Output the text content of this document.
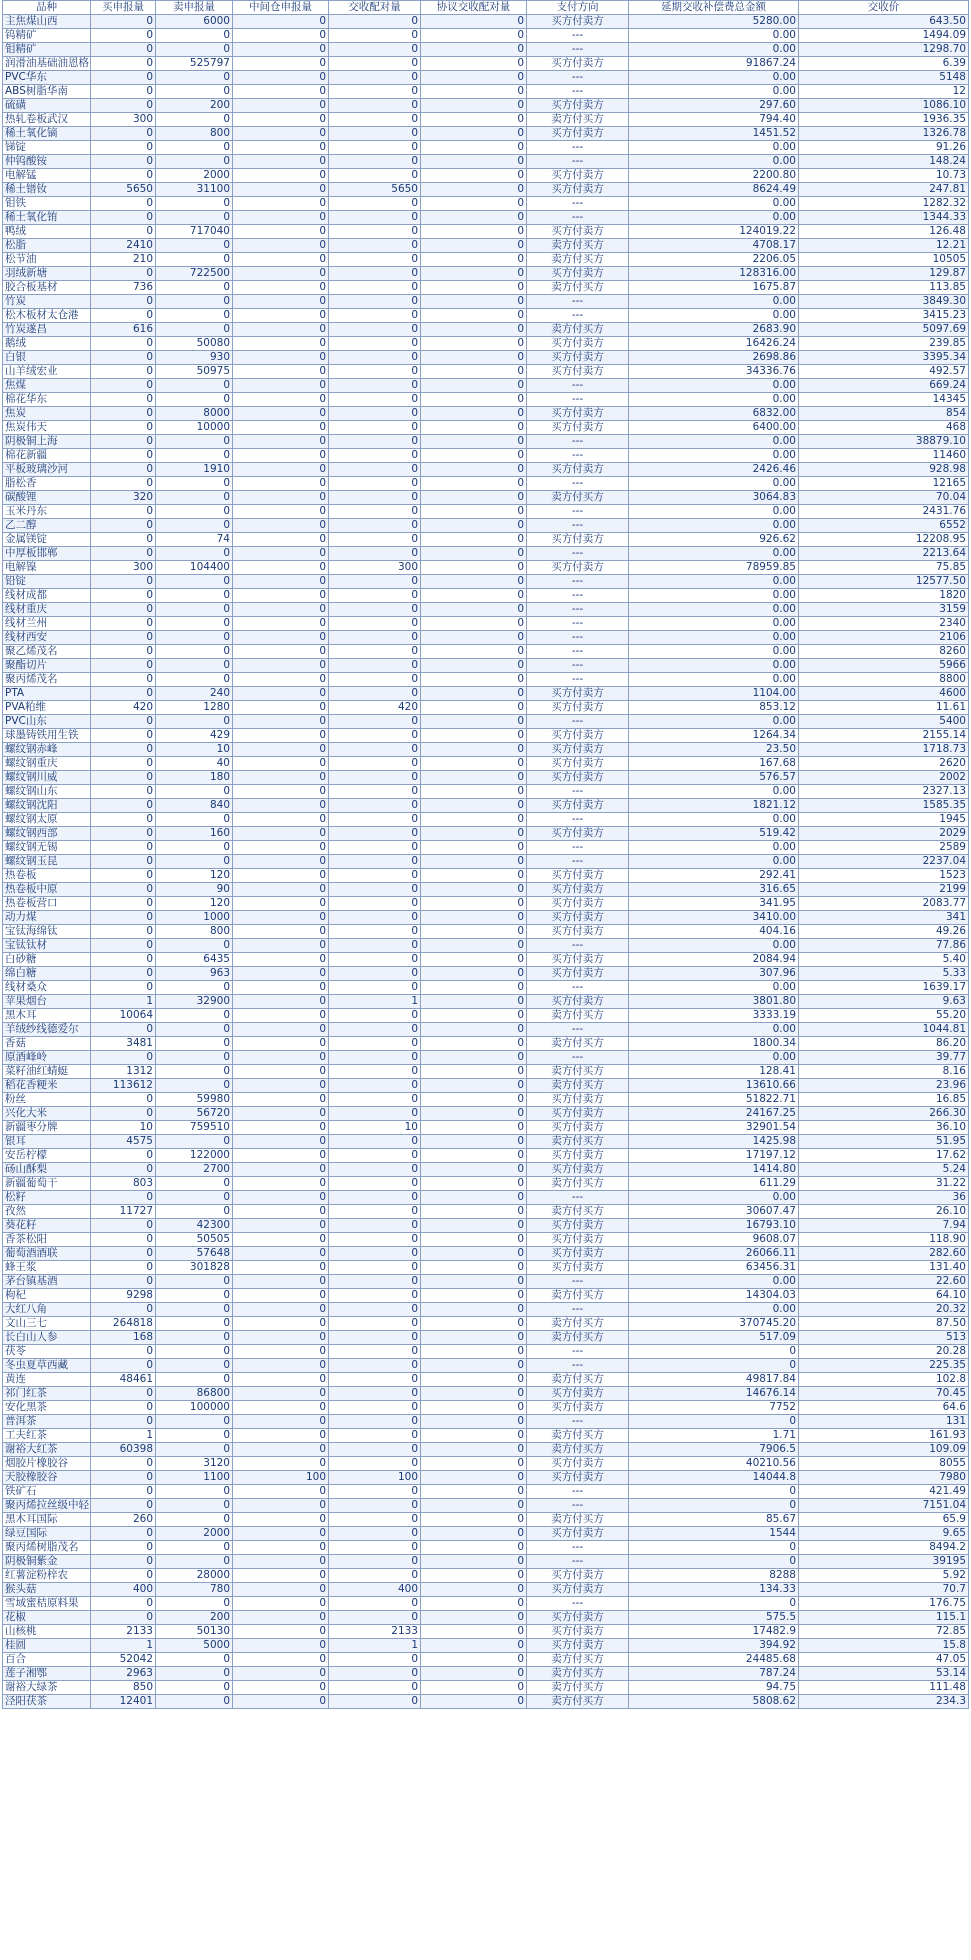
品种	买申报量	卖申报量	中间仓申报量	交收配对量	协议交收配对量	支付方向	延期交收补偿费总金额	交收价
主焦煤山西	0	6000	0	0	0	买方付卖方	5280.00	643.50
钨精矿	0	0	0	0	0	---	0.00	1494.09
钼精矿	0	0	0	0	0	---	0.00	1298.70
润滑油基础油恩格	0	525797	0	0	0	买方付卖方	91867.24	6.39
PVC华东	0	0	0	0	0	---	0.00	5148
ABS树脂华南	0	0	0	0	0	---	0.00	12
硫磺	0	200	0	0	0	买方付卖方	297.60	1086.10
热轧卷板武汉	300	0	0	0	0	卖方付买方	794.40	1936.35
稀土氧化镝	0	800	0	0	0	买方付卖方	1451.52	1326.78
锑锭	0	0	0	0	0	---	0.00	91.26
仲钨酸铵	0	0	0	0	0	---	0.00	148.24
电解锰	0	2000	0	0	0	买方付卖方	2200.80	10.73
稀土镨钕	5650	31100	0	5650	0	买方付卖方	8624.49	247.81
钼铁	0	0	0	0	0	---	0.00	1282.32
稀土氧化铕	0	0	0	0	0	---	0.00	1344.33
鸭绒	0	717040	0	0	0	买方付卖方	124019.22	126.48
松脂	2410	0	0	0	0	卖方付买方	4708.17	12.21
松节油	210	0	0	0	0	卖方付买方	2206.05	10505
羽绒新塘	0	722500	0	0	0	买方付卖方	128316.00	129.87
胶合板基材	736	0	0	0	0	卖方付买方	1675.87	113.85
竹炭	0	0	0	0	0	---	0.00	3849.30
松木板材太仓港	0	0	0	0	0	---	0.00	3415.23
竹炭遂昌	616	0	0	0	0	卖方付买方	2683.90	5097.69
鹅绒	0	50080	0	0	0	买方付卖方	16426.24	239.85
白银	0	930	0	0	0	买方付卖方	2698.86	3395.34
山羊绒宏业	0	50975	0	0	0	买方付卖方	34336.76	492.57
焦煤	0	0	0	0	0	---	0.00	669.24
棉花华东	0	0	0	0	0	---	0.00	14345
焦炭	0	8000	0	0	0	买方付卖方	6832.00	854
焦炭伟天	0	10000	0	0	0	买方付卖方	6400.00	468
阴极铜上海	0	0	0	0	0	---	0.00	38879.10
棉花新疆	0	0	0	0	0	---	0.00	11460
平板玻璃沙河	0	1910	0	0	0	买方付卖方	2426.46	928.98
脂松香	0	0	0	0	0	---	0.00	12165
碳酸锂	320	0	0	0	0	卖方付买方	3064.83	70.04
玉米丹东	0	0	0	0	0	---	0.00	2431.76
乙二醇	0	0	0	0	0	---	0.00	6552
金属镁锭	0	74	0	0	0	买方付卖方	926.62	12208.95
中厚板邯郸	0	0	0	0	0	---	0.00	2213.64
电解镍	300	104400	0	300	0	买方付卖方	78959.85	75.85
铅锭	0	0	0	0	0	---	0.00	12577.50
线材成都	0	0	0	0	0	---	0.00	1820
线材重庆	0	0	0	0	0	---	0.00	3159
线材兰州	0	0	0	0	0	---	0.00	2340
线材西安	0	0	0	0	0	---	0.00	2106
聚乙烯茂名	0	0	0	0	0	---	0.00	8260
聚酯切片	0	0	0	0	0	---	0.00	5966
聚丙烯茂名	0	0	0	0	0	---	0.00	8800
PTA	0	240	0	0	0	买方付卖方	1104.00	4600
PVA粕维	420	1280	0	420	0	买方付卖方	853.12	11.61
PVC山东	0	0	0	0	0	---	0.00	5400
球墨铸铁用生铁	0	429	0	0	0	买方付卖方	1264.34	2155.14
螺纹钢赤峰	0	10	0	0	0	买方付卖方	23.50	1718.73
螺纹钢重庆	0	40	0	0	0	买方付卖方	167.68	2620
螺纹钢川威	0	180	0	0	0	买方付卖方	576.57	2002
螺纹钢山东	0	0	0	0	0	---	0.00	2327.13
螺纹钢沈阳	0	840	0	0	0	买方付卖方	1821.12	1585.35
螺纹钢太原	0	0	0	0	0	---	0.00	1945
螺纹钢西部	0	160	0	0	0	买方付卖方	519.42	2029
螺纹钢无锡	0	0	0	0	0	---	0.00	2589
螺纹钢玉昆	0	0	0	0	0	---	0.00	2237.04
热卷板	0	120	0	0	0	买方付卖方	292.41	1523
热卷板中原	0	90	0	0	0	买方付卖方	316.65	2199
热卷板营口	0	120	0	0	0	买方付卖方	341.95	2083.77
动力煤	0	1000	0	0	0	买方付卖方	3410.00	341
宝钛海绵钛	0	800	0	0	0	买方付卖方	404.16	49.26
宝钛钛材	0	0	0	0	0	---	0.00	77.86
白砂糖	0	6435	0	0	0	买方付卖方	2084.94	5.40
绵白糖	0	963	0	0	0	买方付卖方	307.96	5.33
线材桑众	0	0	0	0	0	---	0.00	1639.17
苹果烟台	1	32900	0	1	0	买方付卖方	3801.80	9.63
黑木耳	10064	0	0	0	0	卖方付买方	3333.19	55.20
羊绒纱线德爱尔	0	0	0	0	0	---	0.00	1044.81
香菇	3481	0	0	0	0	卖方付买方	1800.34	86.20
原酒峰岭	0	0	0	0	0	---	0.00	39.77
菜籽油红蜻蜓	1312	0	0	0	0	卖方付买方	128.41	8.16
稻花香粳米	113612	0	0	0	0	卖方付买方	13610.66	23.96
粉丝	0	59980	0	0	0	买方付卖方	51822.71	16.85
兴化大米	0	56720	0	0	0	买方付卖方	24167.25	266.30
新疆枣分牌	10	759510	0	10	0	买方付卖方	32901.54	36.10
银耳	4575	0	0	0	0	卖方付买方	1425.98	51.95
安岳柠檬	0	122000	0	0	0	买方付卖方	17197.12	17.62
砀山酥梨	0	2700	0	0	0	买方付卖方	1414.80	5.24
新疆葡萄干	803	0	0	0	0	卖方付买方	611.29	31.22
松籽	0	0	0	0	0	---	0.00	36
孜然	11727	0	0	0	0	卖方付买方	30607.47	26.10
葵花籽	0	42300	0	0	0	买方付卖方	16793.10	7.94
香茶松阳	0	50505	0	0	0	买方付卖方	9608.07	118.90
葡萄酒酒联	0	57648	0	0	0	买方付卖方	26066.11	282.60
蜂王浆	0	301828	0	0	0	买方付卖方	63456.31	131.40
茅台镇基酒	0	0	0	0	0	---	0.00	22.60
枸杞	9298	0	0	0	0	卖方付买方	14304.03	64.10
大红八角	0	0	0	0	0	---	0.00	20.32
文山三七	264818	0	0	0	0	卖方付买方	370745.20	87.50
长白山人参	168	0	0	0	0	卖方付买方	517.09	513
茯苓	0	0	0	0	0	---	0	20.28
冬虫夏草西藏	0	0	0	0	0	---	0	225.35
黄连	48461	0	0	0	0	卖方付买方	49817.84	102.8
祁门红茶	0	86800	0	0	0	买方付卖方	14676.14	70.45
安化黑茶	0	100000	0	0	0	买方付卖方	7752	64.6
普洱茶	0	0	0	0	0	---	0	131
工夫红茶	1	0	0	0	0	卖方付买方	1.71	161.93
谢裕大红茶	60398	0	0	0	0	卖方付买方	7906.5	109.09
烟胶片橡胶谷	0	3120	0	0	0	买方付卖方	40210.56	8055
天胶橡胶谷	0	1100	100	100	0	买方付卖方	14044.8	7980
铁矿石	0	0	0	0	0	---	0	421.49
聚丙烯拉丝级中轻	0	0	0	0	0	---	0	7151.04
黑木耳国际	260	0	0	0	0	卖方付买方	85.67	65.9
绿豆国际	0	2000	0	0	0	买方付卖方	1544	9.65
聚丙烯树脂茂名	0	0	0	0	0	---	0	8494.2
阴极铜紫金	0	0	0	0	0	---	0	39195
红薯淀粉梓农	0	28000	0	0	0	买方付卖方	8288	5.92
猴头菇	400	780	0	400	0	买方付卖方	134.33	70.7
雪域蜜桔原料果	0	0	0	0	0	---	0	176.75
花椒	0	200	0	0	0	买方付卖方	575.5	115.1
山核桃	2133	50130	0	2133	0	买方付卖方	17482.9	72.85
桂圆	1	5000	0	1	0	买方付卖方	394.92	15.8
百合	52042	0	0	0	0	卖方付买方	24485.68	47.05
莲子湘鄂	2963	0	0	0	0	卖方付买方	787.24	53.14
谢裕大绿茶	850	0	0	0	0	卖方付买方	94.75	111.48
泾阳茯茶	12401	0	0	0	0	卖方付买方	5808.62	234.3
